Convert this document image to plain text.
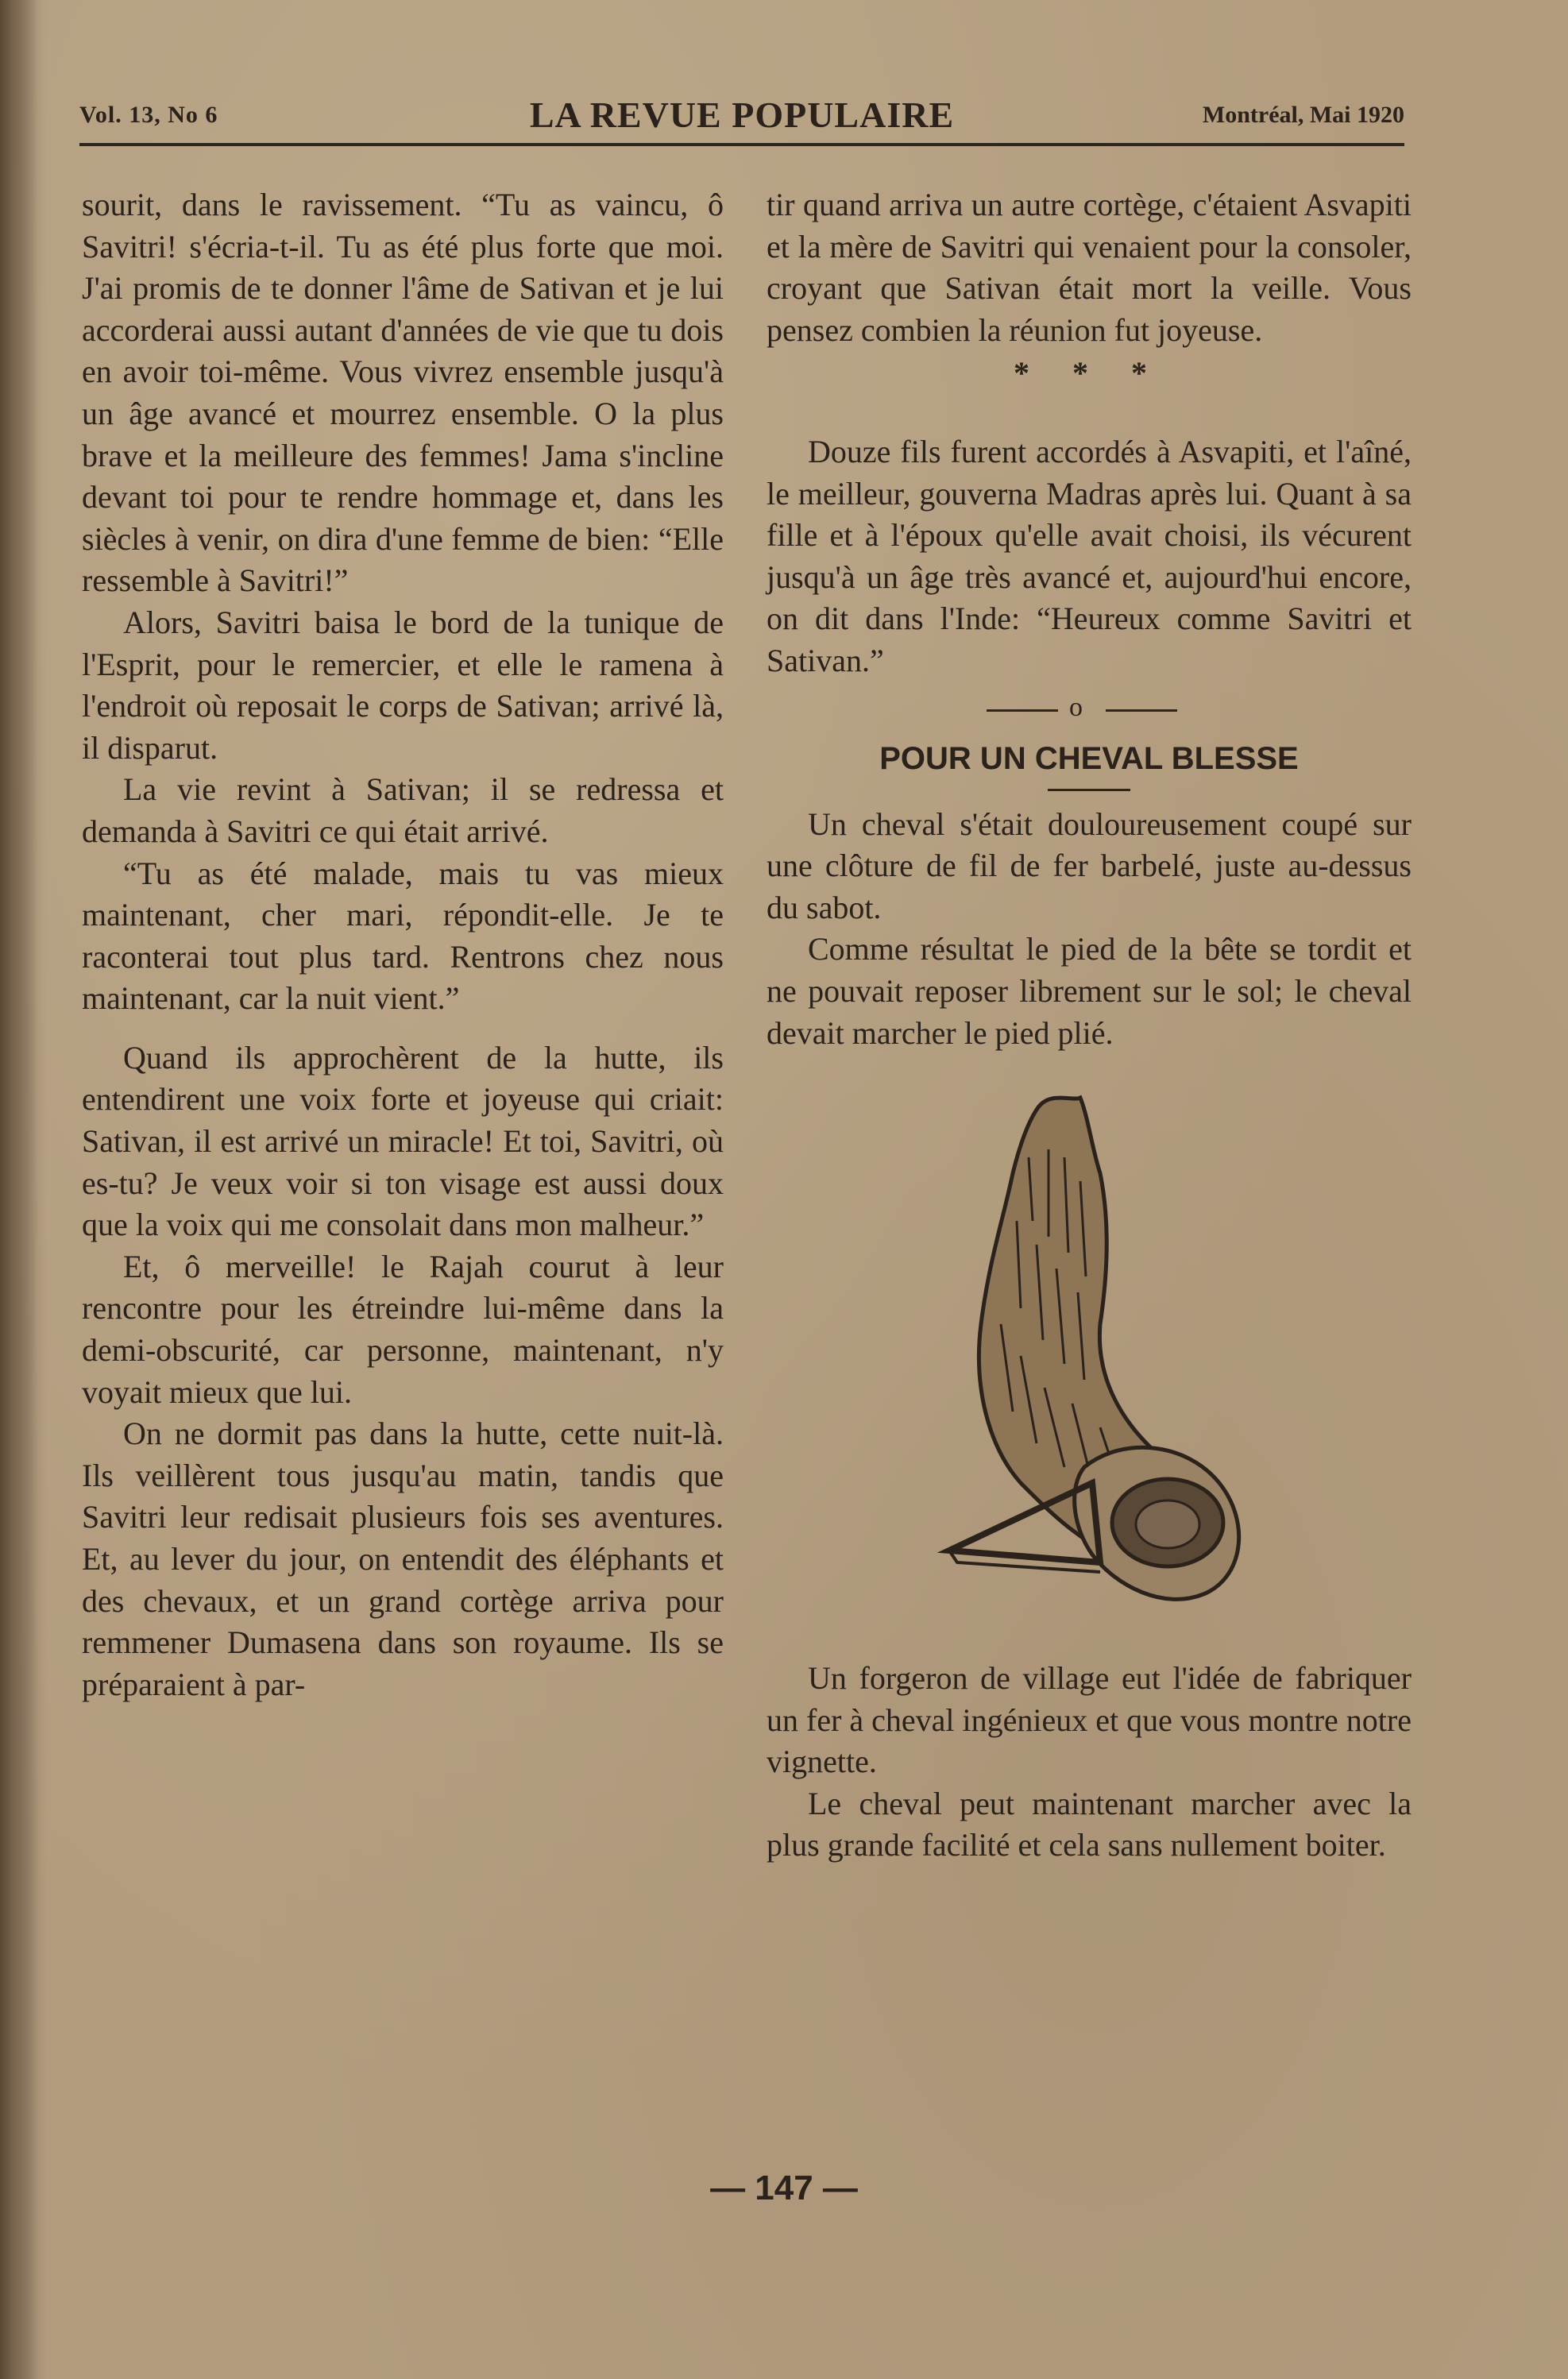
Vol. 13, No 6	LA REVUE POPULAIRE	Montréal, Mai 1920

sourit, dans le ravissement. “Tu as vaincu, ô Savitri! s'écria-t-il. Tu as été plus forte que moi. J'ai promis de te donner l'âme de Sativan et je lui accorderai aussi autant d'années de vie que tu dois en avoir toi-même. Vous vivrez ensemble jusqu'à un âge avancé et mourrez ensemble. O la plus brave et la meilleure des femmes! Jama s'incline devant toi pour te rendre hommage et, dans les siècles à venir, on dira d'une femme de bien: “Elle ressemble à Savitri!”

Alors, Savitri baisa le bord de la tunique de l'Esprit, pour le remercier, et elle le ramena à l'endroit où reposait le corps de Sativan; arrivé là, il disparut.

La vie revint à Sativan; il se redressa et demanda à Savitri ce qui était arrivé.

“Tu as été malade, mais tu vas mieux maintenant, cher mari, répondit-elle. Je te raconterai tout plus tard. Rentrons chez nous maintenant, car la nuit vient.”

Quand ils approchèrent de la hutte, ils entendirent une voix forte et joyeuse qui criait: Sativan, il est arrivé un miracle! Et toi, Savitri, où es-tu? Je veux voir si ton visage est aussi doux que la voix qui me consolait dans mon malheur.”

Et, ô merveille! le Rajah courut à leur rencontre pour les étreindre lui-même dans la demi-obscurité, car personne, maintenant, n'y voyait mieux que lui.

On ne dormit pas dans la hutte, cette nuit-là. Ils veillèrent tous jusqu'au matin, tandis que Savitri leur redisait plusieurs fois ses aventures. Et, au lever du jour, on entendit des éléphants et des chevaux, et un grand cortège arriva pour remmener Dumasena dans son royaume. Ils se préparaient à par-

tir quand arriva un autre cortège, c'étaient Asvapiti et la mère de Savitri qui venaient pour la consoler, croyant que Sativan était mort la veille. Vous pensez combien la réunion fut joyeuse.

* * *

Douze fils furent accordés à Asvapiti, et l'aîné, le meilleur, gouverna Madras après lui. Quant à sa fille et à l'époux qu'elle avait choisi, ils vécurent jusqu'à un âge très avancé et, aujourd'hui encore, on dit dans l'Inde: “Heureux comme Savitri et Sativan.”

o
POUR UN CHEVAL BLESSE

Un cheval s'était douloureusement coupé sur une clôture de fil de fer barbelé, juste au-dessus du sabot.

Comme résultat le pied de la bête se tordit et ne pouvait reposer librement sur le sol; le cheval devait marcher le pied plié.

Un forgeron de village eut l'idée de fabriquer un fer à cheval ingénieux et que vous montre notre vignette.

Le cheval peut maintenant marcher avec la plus grande facilité et cela sans nullement boiter.

— 147 —
